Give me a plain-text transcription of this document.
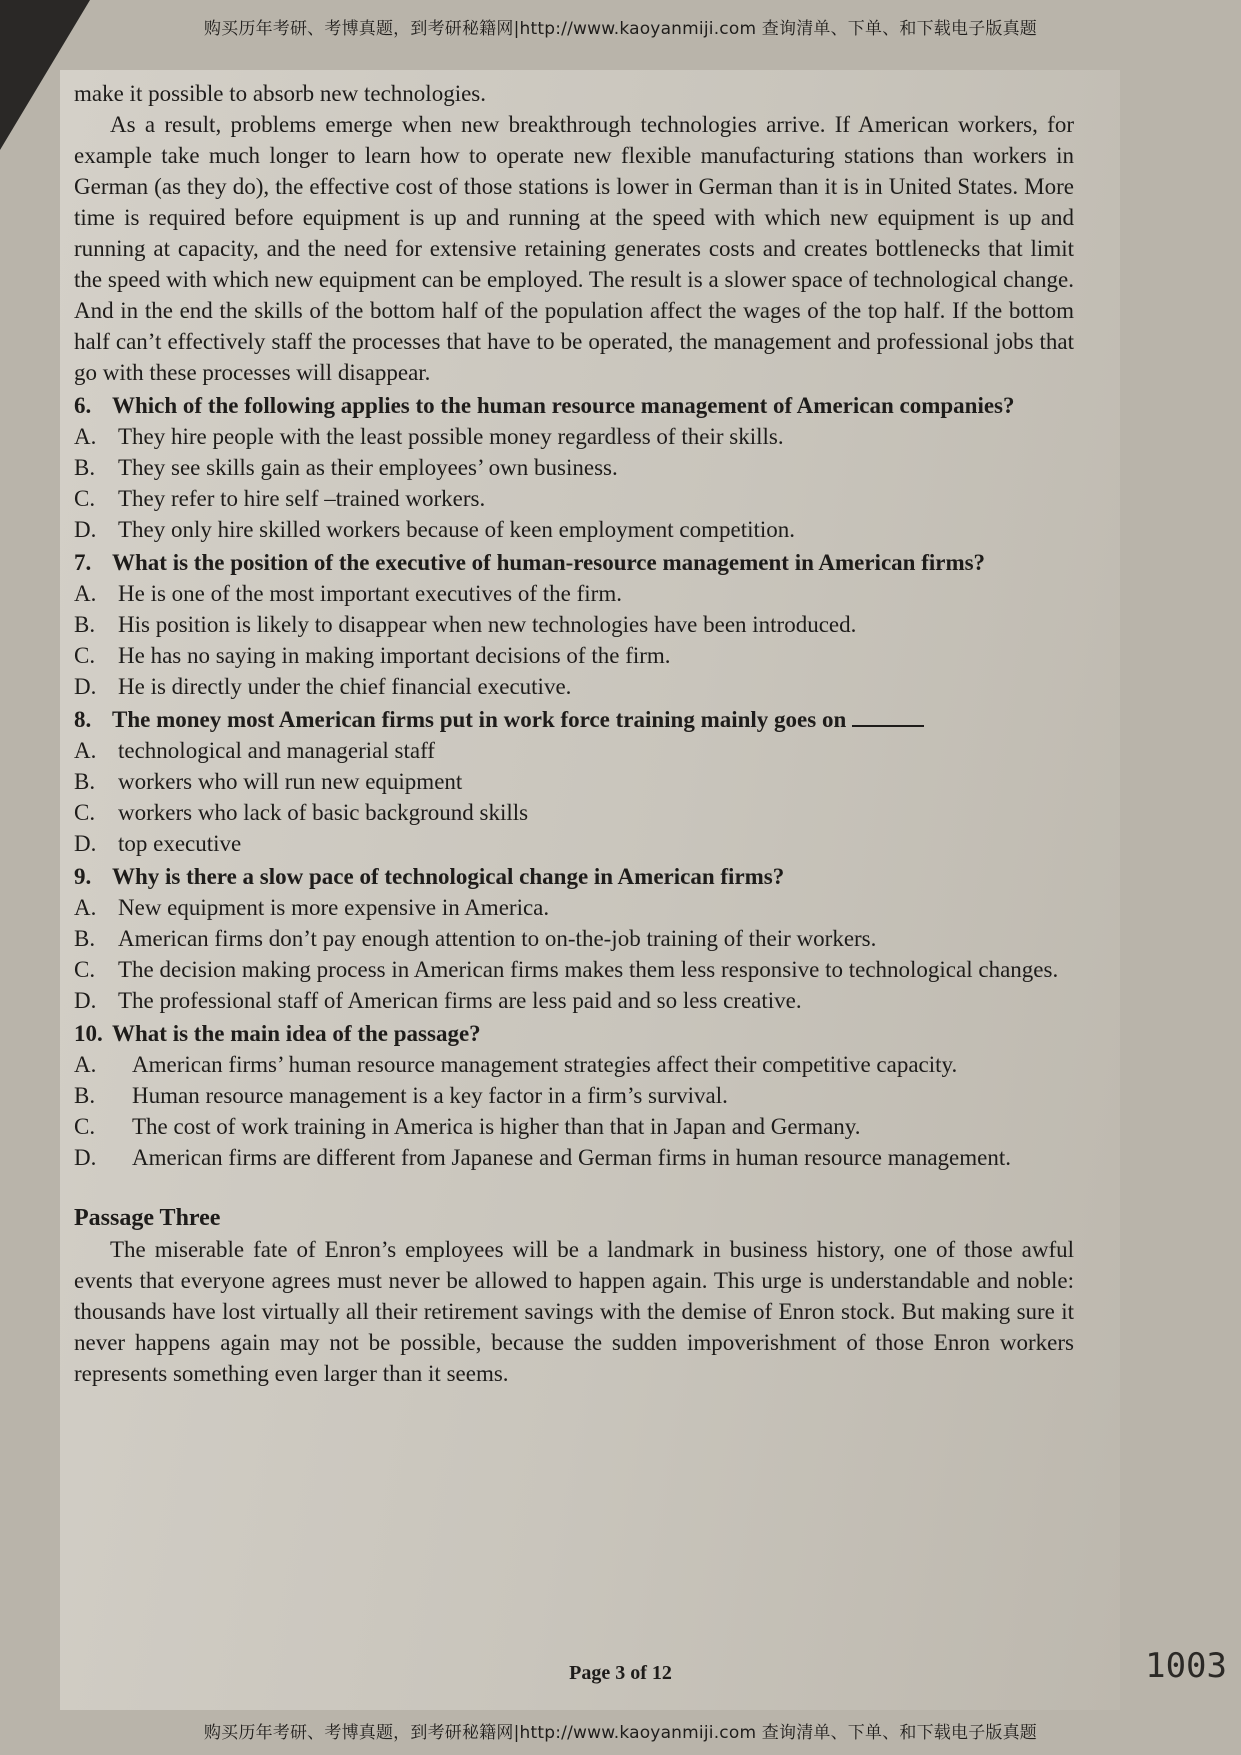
购买历年考研、考博真题，到考研秘籍网|http://www.kaoyanmiji.com 查询清单、下单、和下载电子版真题

make it possible to absorb new technologies.

As a result, problems emerge when new breakthrough technologies arrive. If American workers, for example take much longer to learn how to operate new flexible manufacturing stations than workers in German (as they do), the effective cost of those stations is lower in German than it is in United States. More time is required before equipment is up and running at the speed with which new equipment is up and running at capacity, and the need for extensive retaining generates costs and creates bottlenecks that limit the speed with which new equipment can be employed. The result is a slower space of technological change. And in the end the skills of the bottom half of the population affect the wages of the top half. If the bottom half can’t effectively staff the processes that have to be operated, the management and professional jobs that go with these processes will disappear.

6. Which of the following applies to the human resource management of American companies?
A. They hire people with the least possible money regardless of their skills.
B. They see skills gain as their employees’ own business.
C. They refer to hire self –trained workers.
D. They only hire skilled workers because of keen employment competition.
7. What is the position of the executive of human-resource management in American firms?
A. He is one of the most important executives of the firm.
B. His position is likely to disappear when new technologies have been introduced.
C. He has no saying in making important decisions of the firm.
D. He is directly under the chief financial executive.
8. The money most American firms put in work force training mainly goes on
A. technological and managerial staff
B. workers who will run new equipment
C. workers who lack of basic background skills
D. top executive
9. Why is there a slow pace of technological change in American firms?
A. New equipment is more expensive in America.
B. American firms don’t pay enough attention to on-the-job training of their workers.
C. The decision making process in American firms makes them less responsive to technological changes.
D. The professional staff of American firms are less paid and so less creative.
10. What is the main idea of the passage?
A.	American firms’ human resource management strategies affect their competitive capacity.
B.	Human resource management is a key factor in a firm’s survival.
C.	The cost of work training in America is higher than that in Japan and Germany.
D.	American firms are different from Japanese and German firms in human resource management.
Passage Three

The miserable fate of Enron’s employees will be a landmark in business history, one of those awful events that everyone agrees must never be allowed to happen again. This urge is understandable and noble: thousands have lost virtually all their retirement savings with the demise of Enron stock. But making sure it never happens again may not be possible, because the sudden impoverishment of those Enron workers represents something even larger than it seems.

Page 3 of 12	1003
购买历年考研、考博真题，到考研秘籍网|http://www.kaoyanmiji.com 查询清单、下单、和下载电子版真题
